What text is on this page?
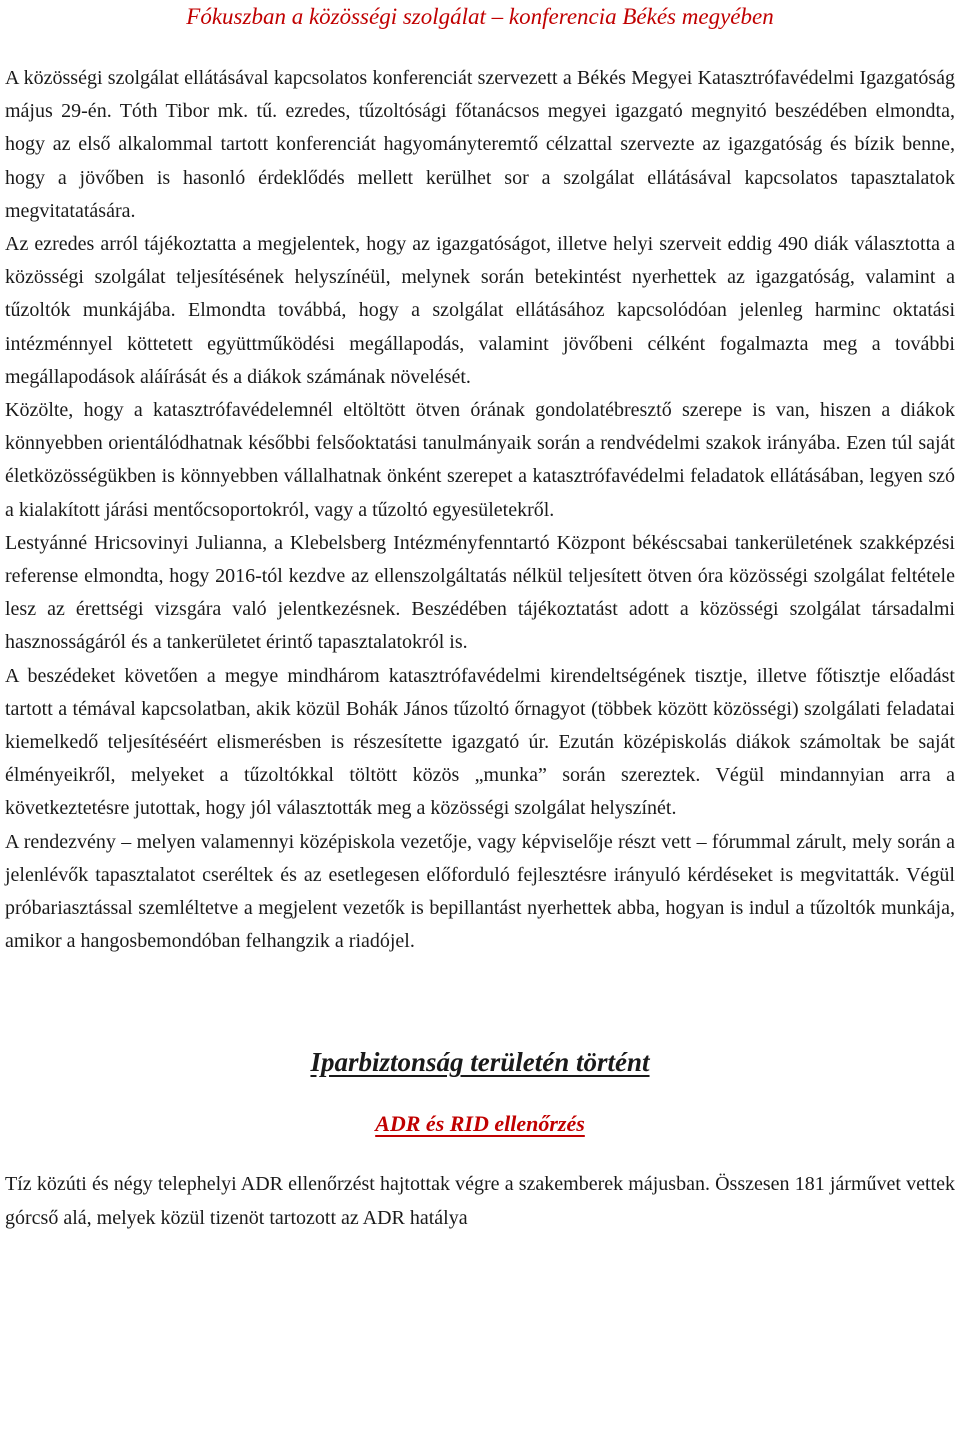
Fókuszban a közösségi szolgálat – konferencia Békés megyében

A közösségi szolgálat ellátásával kapcsolatos konferenciát szervezett a Békés Megyei Katasztrófavédelmi Igazgatóság május 29-én. Tóth Tibor mk. tű. ezredes, tűzoltósági főtanácsos megyei igazgató megnyitó beszédében elmondta, hogy az első alkalommal tartott konferenciát hagyományteremtő célzattal szervezte az igazgatóság és bízik benne, hogy a jövőben is hasonló érdeklődés mellett kerülhet sor a szolgálat ellátásával kapcsolatos tapasztalatok megvitatatására.

Az ezredes arról tájékoztatta a megjelentek, hogy az igazgatóságot, illetve helyi szerveit eddig 490 diák választotta a közösségi szolgálat teljesítésének helyszínéül, melynek során betekintést nyerhettek az igazgatóság, valamint a tűzoltók munkájába. Elmondta továbbá, hogy a szolgálat ellátásához kapcsolódóan jelenleg harminc oktatási intézménnyel köttetett együttműködési megállapodás, valamint jövőbeni célként fogalmazta meg a további megállapodások aláírását és a diákok számának növelését.

Közölte, hogy a katasztrófavédelemnél eltöltött ötven órának gondolatébresztő szerepe is van, hiszen a diákok könnyebben orientálódhatnak későbbi felsőoktatási tanulmányaik során a rendvédelmi szakok irányába. Ezen túl saját életközösségükben is könnyebben vállalhatnak önként szerepet a katasztrófavédelmi feladatok ellátásában, legyen szó a kialakított járási mentőcsoportokról, vagy a tűzoltó egyesületekről.

Lestyánné Hricsovinyi Julianna, a Klebelsberg Intézményfenntartó Központ békéscsabai tankerületének szakképzési referense elmondta, hogy 2016-tól kezdve az ellenszolgáltatás nélkül teljesített ötven óra közösségi szolgálat feltétele lesz az érettségi vizsgára való jelentkezésnek. Beszédében tájékoztatást adott a közösségi szolgálat társadalmi hasznosságáról és a tankerületet érintő tapasztalatokról is.

A beszédeket követően a megye mindhárom katasztrófavédelmi kirendeltségének tisztje, illetve főtisztje előadást tartott a témával kapcsolatban, akik közül Bohák János tűzoltó őrnagyot (többek között közösségi) szolgálati feladatai kiemelkedő teljesítéséért elismerésben is részesítette igazgató úr. Ezután középiskolás diákok számoltak be saját élményeikről, melyeket a tűzoltókkal töltött közös „munka” során szereztek. Végül mindannyian arra a következtetésre jutottak, hogy jól választották meg a közösségi szolgálat helyszínét.

A rendezvény – melyen valamennyi középiskola vezetője, vagy képviselője részt vett – fórummal zárult, mely során a jelenlévők tapasztalatot cseréltek és az esetlegesen előforduló fejlesztésre irányuló kérdéseket is megvitatták. Végül próbariasztással szemléltetve a megjelent vezetők is bepillantást nyerhettek abba, hogyan is indul a tűzoltók munkája, amikor a hangosbemondóban felhangzik a riadójel.

Iparbiztonság területén történt
ADR és RID ellenőrzés

Tíz közúti és négy telephelyi ADR ellenőrzést hajtottak végre a szakemberek májusban. Összesen 181 járművet vettek górcső alá, melyek közül tizenöt tartozott az ADR hatálya
